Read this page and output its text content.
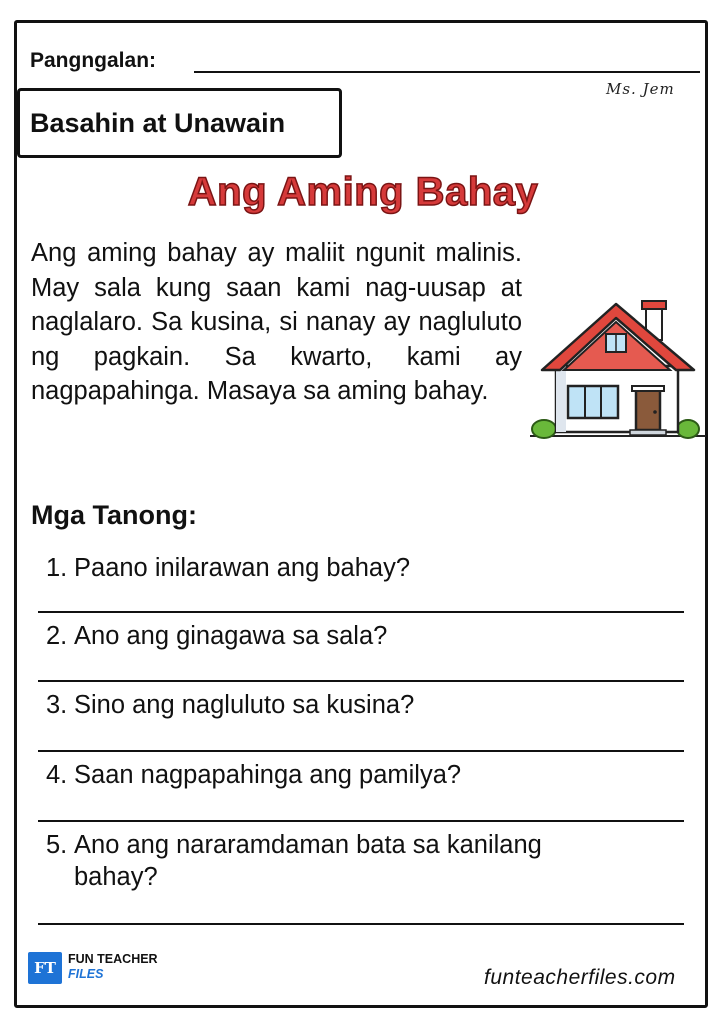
Pangngalan:
Ms. Jem
Basahin at Unawain
Ang Aming Bahay
Ang aming bahay ay maliit ngunit malinis. May sala kung saan kami nag-uusap at naglalaro. Sa kusina, si nanay ay nagluluto ng pagkain. Sa kwarto, kami ay nagpapahinga. Masaya sa aming bahay.
Mga Tanong:
1. Paano inilarawan ang bahay?
2. Ano ang ginagawa sa sala?
3. Sino ang nagluluto sa kusina?
4. Saan nagpapahinga ang pamilya?
5. Ano ang nararamdaman bata sa kanilang bahay?
FT FUN TEACHER
FILES	funteacherfiles.com
